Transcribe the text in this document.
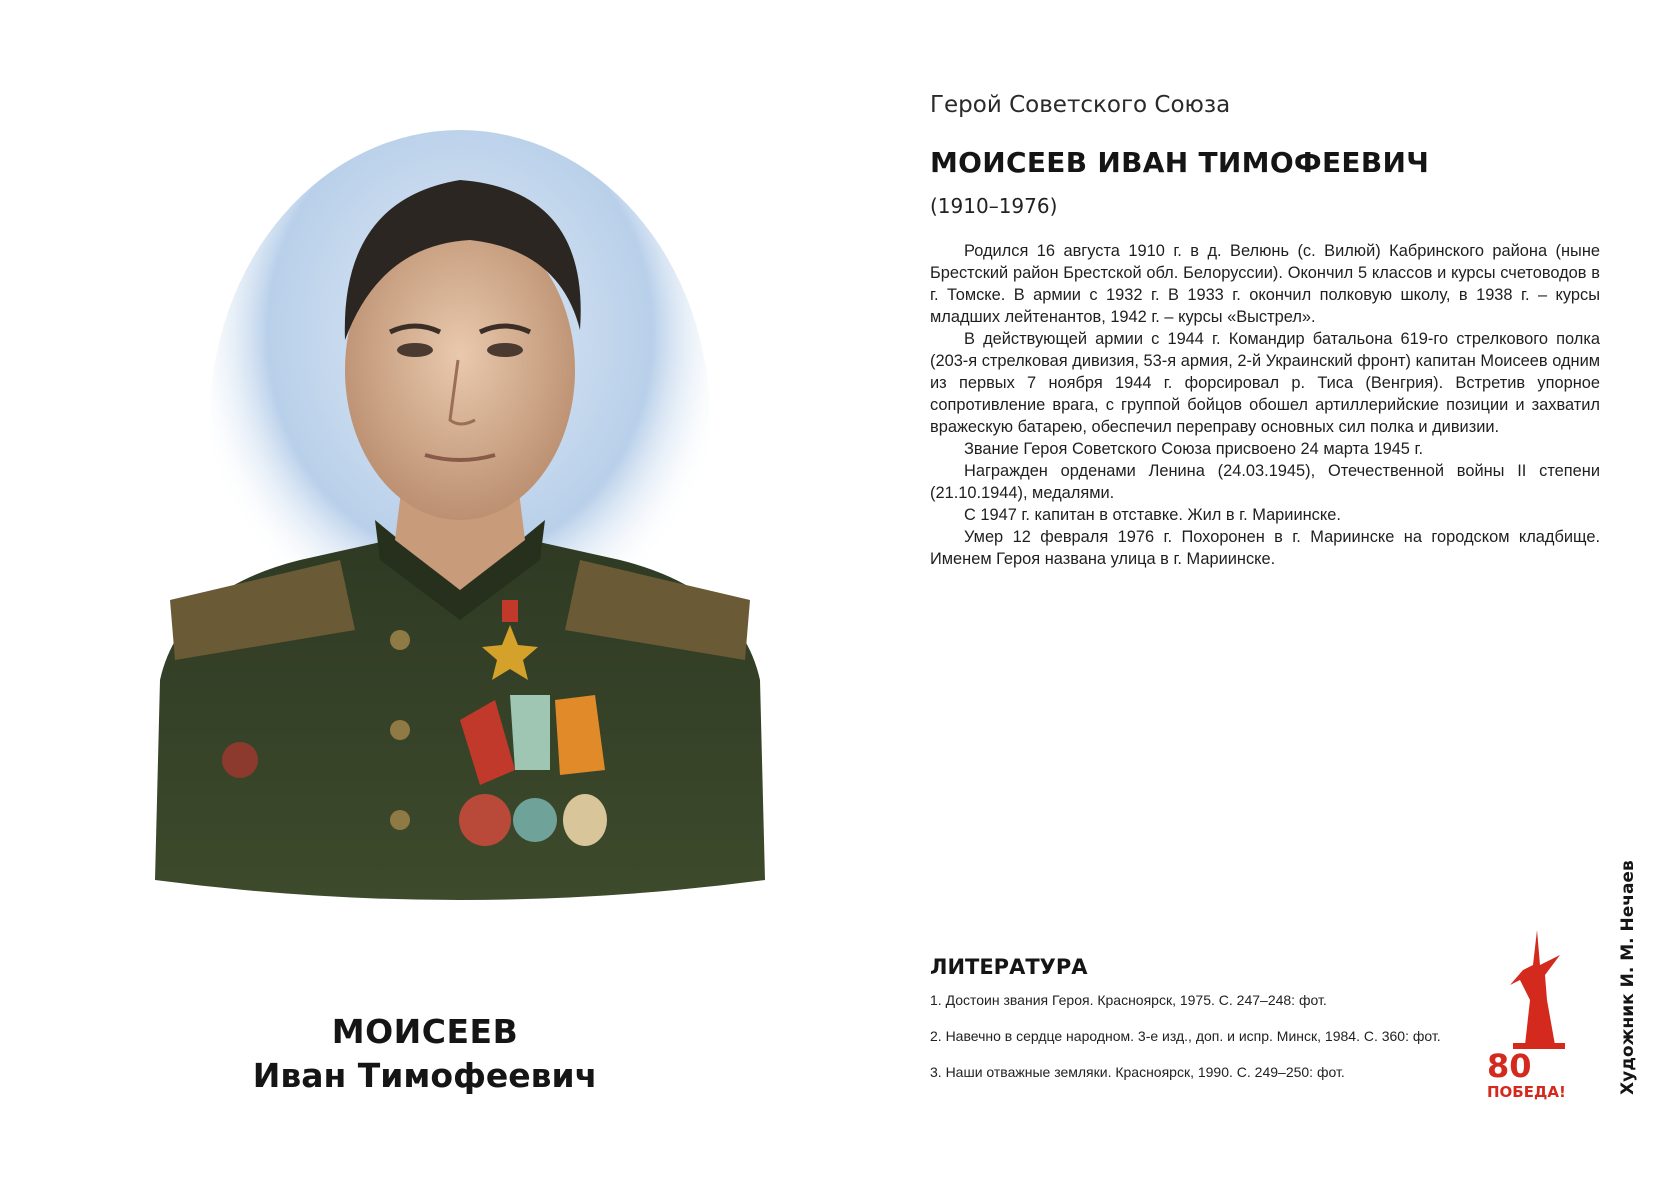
МОИСЕЕВ
Иван Тимофеевич
Герой Советского Союза
МОИСЕЕВ ИВАН ТИМОФЕЕВИЧ
(1910–1976)

Родился 16 августа 1910 г. в д. Велюнь (с. Вилюй) Кабринского района (ныне Брестский район Брестской обл. Белоруссии). Окончил 5 классов и курсы счетоводов в г. Томске. В армии с 1932 г. В 1933 г. окончил полковую школу, в 1938 г. – курсы младших лейтенантов, 1942 г. – курсы «Выстрел».

В действующей армии с 1944 г. Командир батальона 619-го стрелкового полка (203-я стрелковая дивизия, 53-я армия, 2-й Украинский фронт) капитан Моисеев одним из первых 7 ноября 1944 г. форсировал р. Тиса (Венгрия). Встретив упорное сопротивление врага, с группой бойцов обошел артиллерийские позиции и захватил вражескую батарею, обеспечил переправу основных сил полка и дивизии.

Звание Героя Советского Союза присвоено 24 марта 1945 г.

Награжден орденами Ленина (24.03.1945), Отечественной войны II степени (21.10.1944), медалями.

С 1947 г. капитан в отставке. Жил в г. Мариинске.

Умер 12 февраля 1976 г. Похоронен в г. Мариинске на городском кладбище. Именем Героя названа улица в г. Мариинске.

ЛИТЕРАТУРА
1. Достоин звания Героя. Красноярск, 1975. С. 247–248: фот.
2. Навечно в сердце народном. 3-е изд., доп. и испр. Минск, 1984. С. 360: фот.
3. Наши отважные земляки. Красноярск, 1990. С. 249–250: фот.	80
ПОБЕДА!	Художник И. М. Нечаев
